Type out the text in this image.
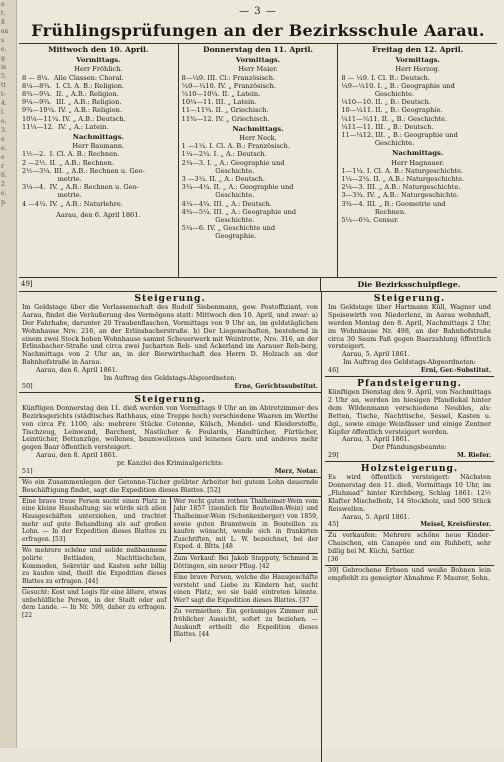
e
t.
8
en
s
e.
g.
ie
5.
tt
t-
4.
l.
e.
3.
e
e.
e
r
6.
2
e.
p.
— 3 —
Frühlingsprüfungen an der Bezirksschule Aarau.
Mittwoch den 10. April.
Vormittags.
Herr Fröhlich.
8 — 8¼.  Alle Classen: Choral.
8¼—8¾.  I. Cl. A. B.: Religion.
8¾—9¼.  II. „ A.B.: Religion.
9¼—9¾.  III. „ A.B.: Religion.
9¾—10¼. IV. „ A.B.: Religion.
10¼—11¼. IV. „ A.B.: Deutsch.
11¼—12.  IV. „ A.: Latein.
Nachmittags.
Herr Baumann.
1½—2.  I. Cl. A. B.: Rechnen.
2 —2½. II. „ A.B.: Rechnen.
2½—3¼. III. „ A.B.: Rechnen u. Geo-
metrie.
3¼—4.  IV. „ A.B.: Rechnen u. Geo-
metrie.
4 —4¼. IV. „ A.B.: Naturlehre.
Aarau, den 6. April 1861.
Donnerstag den 11. April.
Vormittags.
Herr Maier.
8—¼9. III. Cl.: Französisch.
¼9—¼10. IV. „ Französisch.
¼10—10¼. II. „ Latein.
10¼—11. III. „ Latein.
11—11¾. II. „ Griechisch.
11¾—12. IV. „ Griechisch.
Nachmittags.
Herr Neck.
1 —1¼. I. Cl. A. B.: Französisch.
1¼—2¼. I. „ A.: Deutsch.
2¼—3. I. „ A.: Geographie und
Geschichte.
3 —3¼. II. „ A.: Deutsch.
3¼—4¼. II. „ A.: Geographie und
Geschichte.
4¼—4¾. III. „ A.: Deutsch.
4¾—5¼. III. „ A.: Geographie und
Geschichte.
5¼—6. IV. „ Geschichte und
Geographie.
Freitag den 12. April.
Vormittags.
Herr Herzog.
8 — ¼9. I. Cl. B.: Deutsch.
¼9—¼10. I. „ B.: Geographie und
Geschichte.
¼10—10. II. „ B.: Deutsch.
10—¼11. II. „ B.: Geographie.
¼11—¼11. II. „ B.: Geschichte.
¼11—11. III. „ B.: Deutsch.
11—¼12. III. „ B.: Geographie und
Geschichte.
Nachmittags.
Herr Hagnauer.
1—1¼. I. Cl. A. B.: Naturgeschichte.
1¼—2¼. II. „ A.B.: Naturgeschichte.
2¼—3. III. „ A.B.: Naturgeschichte.
3—3¾. IV. „ A.B.: Naturgeschichte.
3¾—4. III. „ B.: Geometrie und
Rechnen.
5¼—6¼. Censur.
49]	Die Bezirksschulpflege.
Steigerung.
Im Geldstage über die Verlassenschaft des Rudolf Siebenmann, gew. Postoffiziant, von Aarau, findet die Veräußerung des Vermögens statt: Mittwoch den 10. April, und zwar: a) Der Fahrhabe, darunter 20 Traubenflaschen, Vormittags von 9 Uhr an, im geldstäglichen Wohnhause Nro. 216, an der Erlinsbacherstraße. b) Der Liegenschaften, bestehend in einem zwei Stock hohen Wohnhause sammt Scheuerwerk mit Weintrotte, Nro. 316, an der Erlinsbacher-Straße und circa zwei Jucharten Reb- und Ackerland im Aarauer Reb-berg, Nachmittags von 2 Uhr an, in der Bierwirthschaft des Herrn D. Holzach an der Bahnhofstraße in Aarau.
Aarau, den 6. April 1861.
Im Auftrag des Geldstags-Abgeordneten:
50]	Erne, Gerichtssubstitut.
Steigerung.
Künftigen Donnerstag den 11. dieß werden von Vormittags 9 Uhr an im Abtretzimmer des Bezirksgerichts (städtisches Rathhaus, eine Treppe hoch) verschiedene Waaren im Werthe von circa Fr. 1100, als: mehrere Stücke Cotonne, Kölsch, Mendel- und Kleiderstoffe, Tischzeug, Leinwand, Barchent, Nastücher & Foulards, Handtücher, Fürtücher, Leintücher, Bettanzüge, wollenes, baumwollenes und leinenes Garn und anderes mehr gegen Baar öffentlich versteigert.
Aarau, den 8. April 1861.
pr. Kanzlei des Kriminalgerichts:
51]	Merz, Notar.
Wo ein Zusammenlegen der Getonne-Tücher geübter Arbeiter bei gutem Lohn dauernde Beschäftigung findet, sagt die Expedition dieses Blattes. [52]
Eine brave treue Person sucht einen Platz in eine kleine Haushaltung; sie würde sich allen Hausgeschäften unterziehen, und trachtet mehr auf gute Behandlung als auf großen Lohn. — In der Expedition dieses Blattes zu erfragen. [53]
Wo mehrere schöne und solide nußbaumene polirte Bettladen, Nachttischchen, Kommoden, Sekretär und Kasten sehr billig zu kaufen sind, theilt die Expedition dieses Blattes zu erfragen. [44]
Gesucht: Kost und Logis für eine ältere, etwas unbehülfliche Person, in der Stadt oder auf dem Lande. — In Nr. 599, daher zu erfragen. [22
Wer recht guten rothen Thalheimer-Wein vom Jahr 1857 (ziemlich für Bouteillen-Wein) und Thalheimer-Wein (Schenkenberger) von 1859, sowie guten Branntwein in Bouteillen zu kaufen wünscht, wende sich in frankirten Zuschriften, mit L. W. bezeichnet, bei der Exped. d. Bltts. [48
Zum Verkauf: Bei Jakob Stapputy, Schmied in Döttingen, ein neuer Pflug. [42
Eine brave Person, welche die Hausgeschäfte versteht und Liebe zu Kindern hat, sucht einen Platz, wo sie bald eintreten könnte. Wer? sagt die Expedition dieses Blattes. [37
Zu vermiethen: Ein geräumiges Zimmer mit fröhlicher Aussicht, sofort zu beziehen. — Auskunft ertheilt die Expedition dieses Blattes. [44
Steigerung.
Im Geldstage über Hartmann Küll, Wagner und Speisewirth von Niederlenz, in Aarau wohnhaft, werden Montag den 8. April, Nachmittags 2 Uhr, im Wohnhause Nr. 498, an der Bahnhofstraße circa 30 Saum Faß gegen Baarzahlung öffentlich versteigert.
Aarau, 5. April 1861.
Im Auftrag des Geldstags-Abgeordneten:
46]	Erni, Ger.-Substitut.
Pfandsteigerung.
Künftigen Dienstag den 9. April, von Nachmittags 2 Uhr an, werden im hiesigen Pfandlokal hinter dem Wildenmann verschiedene Neubles, als: Betten, Tische, Nachttische, Sessel, Kasten u. dgl., sowie einige Weinfässer und einige Zentner Kupfer öffentlich versteigert werden.
Aarau, 3. April 1861.
Der Pfandungsbeamte:
29]	M. Riefer.
Holzsteigerung.
Es wird öffentlich versteigert: Nächsten Donnerstag den 11. dieß, Vormittags 10 Uhr, im „Fluhmad“ hinter Kirchberg, Schlag 1861: 12½ Klafter Mischelholz, 14 Stockholz, und 500 Stück Reiswellen.
Aarau, 5. April 1861.
45]	Meisel, Kreisförster.
Zu verkaufen: Mehrere schöne neue Kinder-Chaischen, ein Canapée und ein Ruhbett, sehr billig bei M. Küchi, Sattler.
[36
39] Gebrochene Erbsen und weiße Bohnen lein empfiehlt zu geneigter Abnahme F. Maurer, Sohn.
